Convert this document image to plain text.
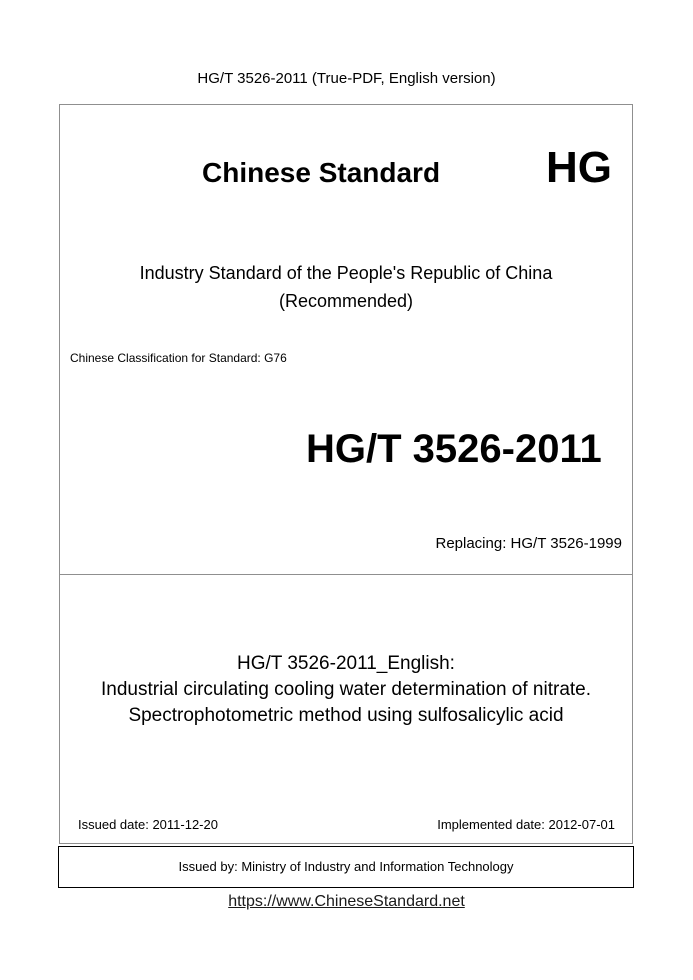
HG/T 3526-2011 (True-PDF, English version)
Chinese Standard HG
Industry Standard of the People's Republic of China
(Recommended)
Chinese Classification for Standard: G76
HG/T 3526-2011
Replacing: HG/T 3526-1999
HG/T 3526-2011_English:
Industrial circulating cooling water determination of nitrate.
Spectrophotometric method using sulfosalicylic acid
Issued date: 2011-12-20	Implemented date: 2012-07-01
Issued by: Ministry of Industry and Information Technology
https://www.ChineseStandard.net
